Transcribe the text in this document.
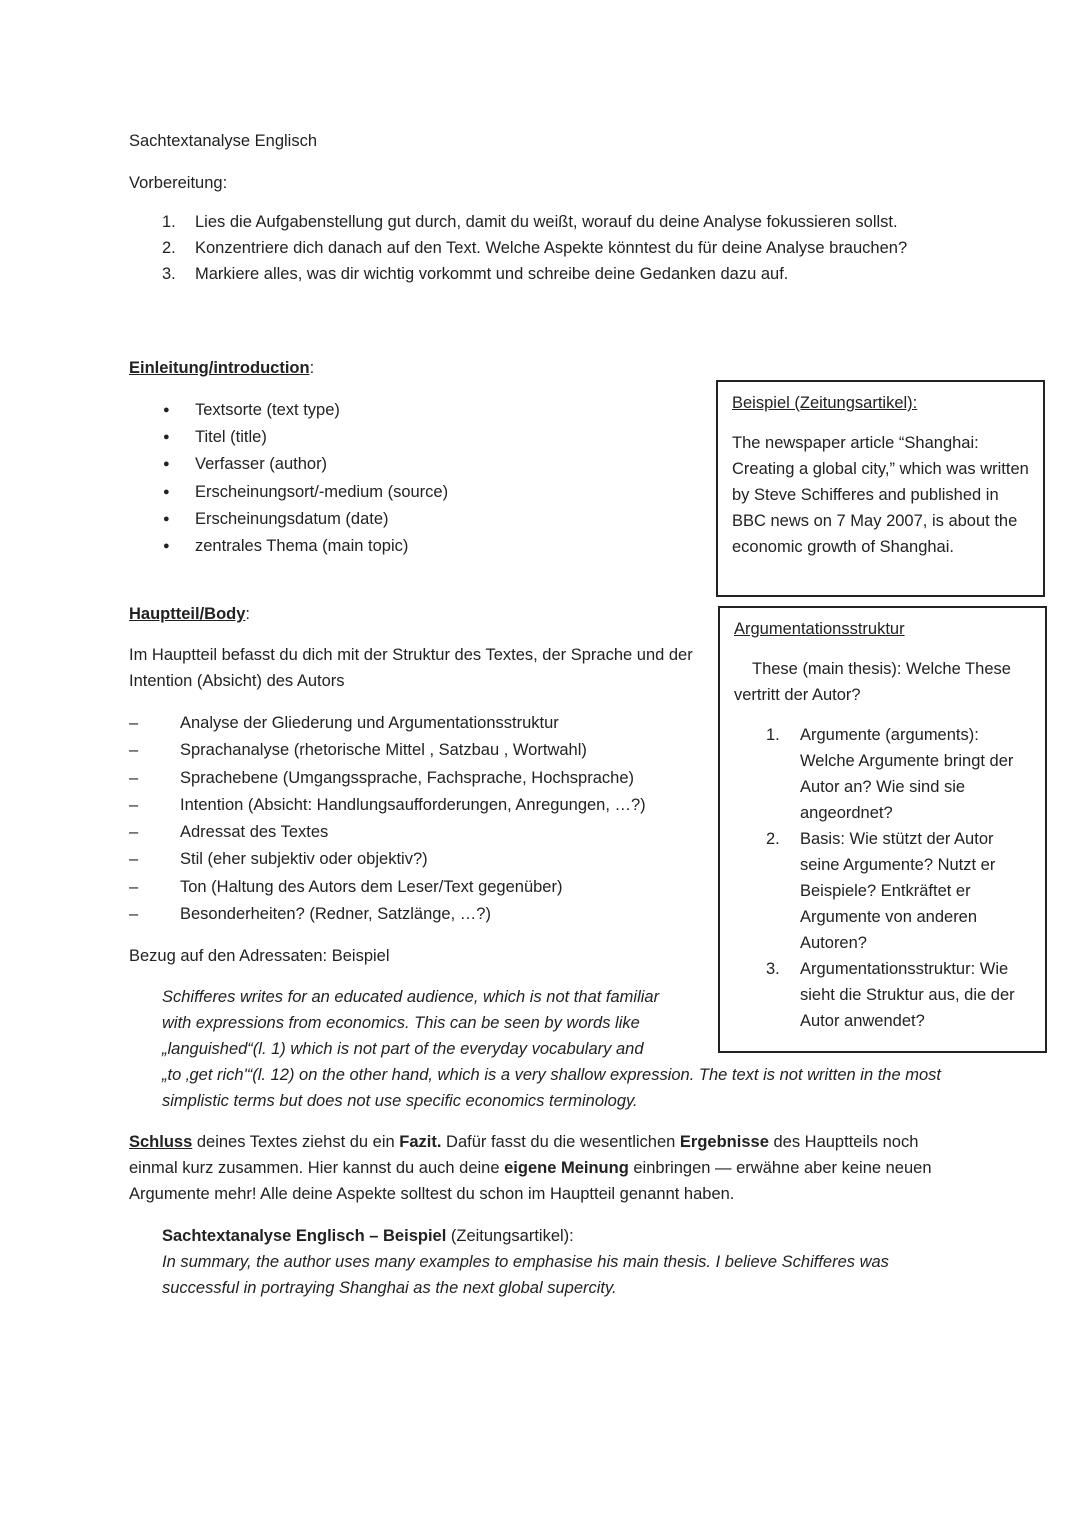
Sachtextanalyse Englisch

Vorbereitung:

1. Lies die Aufgabenstellung gut durch, damit du weißt, worauf du deine Analyse fokussieren sollst.
2. Konzentriere dich danach auf den Text. Welche Aspekte könntest du für deine Analyse brauchen?
3. Markiere alles, was dir wichtig vorkommt und schreibe deine Gedanken dazu auf.

Einleitung/introduction:

● Textsorte (text type)
● Titel (title)
● Verfasser (author)
● Erscheinungsort/-medium (source)
● Erscheinungsdatum (date)
● zentrales Thema (main topic)

Beispiel (Zeitungsartikel):

The newspaper article “Shanghai: Creating a global city,” which was written by Steve Schifferes and published in BBC news on 7 May 2007, is about the economic growth of Shanghai.

Hauptteil/Body:

Im Hauptteil befasst du dich mit der Struktur des Textes, der Sprache und der Intention (Absicht) des Autors

– Analyse der Gliederung und Argumentationsstruktur
– Sprachanalyse (rhetorische Mittel , Satzbau , Wortwahl)
– Sprachebene (Umgangssprache, Fachsprache, Hochsprache)
– Intention (Absicht: Handlungsaufforderungen, Anregungen, …?)
– Adressat des Textes
– Stil (eher subjektiv oder objektiv?)
– Ton (Haltung des Autors dem Leser/Text gegenüber)
– Besonderheiten? (Redner, Satzlänge, …?)

Bezug auf den Adressaten: Beispiel

Argumentationsstruktur

These (main thesis): Welche These vertritt der Autor?

1. Argumente (arguments): Welche Argumente bringt der Autor an? Wie sind sie angeordnet?
2. Basis: Wie stützt der Autor seine Argumente? Nutzt er Beispiele? Entkräftet er Argumente von anderen Autoren?
3. Argumentationsstruktur: Wie sieht die Struktur aus, die der Autor anwendet?

Schifferes writes for an educated audience, which is not that familiar with expressions from economics. This can be seen by words like „languished“(l. 1) which is not part of the everyday vocabulary and „to ‚get rich'“(l. 12) on the other hand, which is a very shallow expression. The text is not written in the most simplistic terms but does not use specific economics terminology.

Schluss deines Textes ziehst du ein Fazit. Dafür fasst du die wesentlichen Ergebnisse des Hauptteils noch einmal kurz zusammen. Hier kannst du auch deine eigene Meinung einbringen — erwähne aber keine neuen Argumente mehr! Alle deine Aspekte solltest du schon im Hauptteil genannt haben.

Sachtextanalyse Englisch – Beispiel (Zeitungsartikel):

In summary, the author uses many examples to emphasise his main thesis. I believe Schifferes was successful in portraying Shanghai as the next global supercity.
